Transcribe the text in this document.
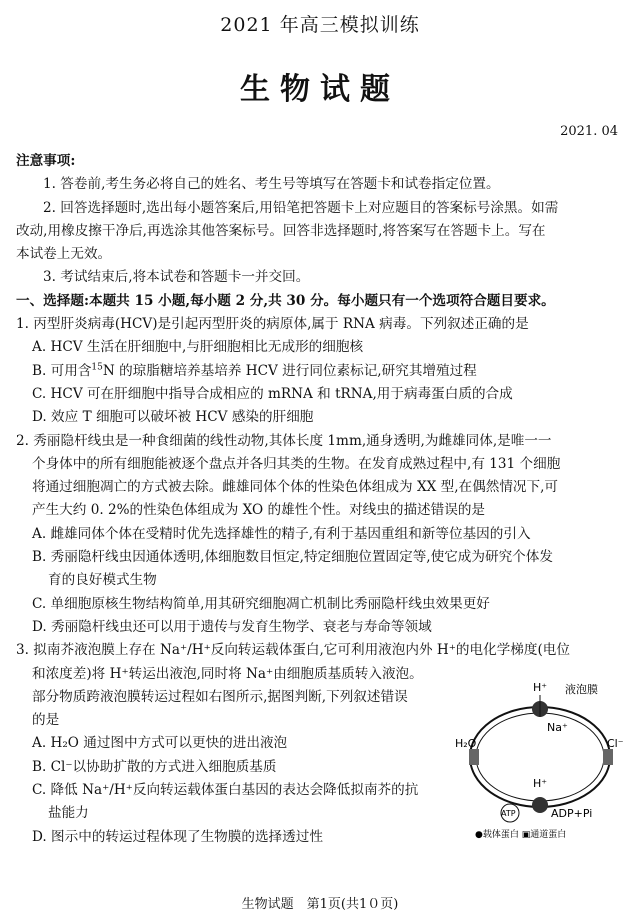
2021 年高三模拟训练
生物试题
2021. 04
注意事项:
1. 答卷前,考生务必将自己的姓名、考生号等填写在答题卡和试卷指定位置。
2. 回答选择题时,选出每小题答案后,用铅笔把答题卡上对应题目的答案标号涂黑。如需
改动,用橡皮擦干净后,再选涂其他答案标号。回答非选择题时,将答案写在答题卡上。写在
本试卷上无效。
3. 考试结束后,将本试卷和答题卡一并交回。
一、选择题:本题共 15 小题,每小题 2 分,共 30 分。每小题只有一个选项符合题目要求。
1. 丙型肝炎病毒(HCV)是引起丙型肝炎的病原体,属于 RNA 病毒。下列叙述正确的是
A. HCV 生活在肝细胞中,与肝细胞相比无成形的细胞核
B. 可用含$^{15}$N 的琼脂糖培养基培养 HCV 进行同位素标记,研究其增殖过程
C. HCV 可在肝细胞中指导合成相应的 mRNA 和 tRNA,用于病毒蛋白质的合成
D. 效应 T 细胞可以破坏被 HCV 感染的肝细胞
2. 秀丽隐杆线虫是一种食细菌的线性动物,其体长度 1mm,通身透明,为雌雄同体,是唯一一
个身体中的所有细胞能被逐个盘点并各归其类的生物。在发育成熟过程中,有 131 个细胞
将通过细胞凋亡的方式被去除。雌雄同体个体的性染色体组成为 XX 型,在偶然情况下,可
产生大约 0. 2%的性染色体组成为 XO 的雄性个性。对线虫的描述错误的是
A. 雌雄同体个体在受精时优先选择雄性的精子,有利于基因重组和新等位基因的引入
B. 秀丽隐杆线虫因通体透明,体细胞数目恒定,特定细胞位置固定等,使它成为研究个体发
育的良好模式生物
C. 单细胞原核生物结构简单,用其研究细胞凋亡机制比秀丽隐杆线虫效果更好
D. 秀丽隐杆线虫还可以用于遗传与发育生物学、衰老与寿命等领域
3. 拟南芥液泡膜上存在 Na⁺/H⁺反向转运载体蛋白,它可利用液泡内外 H⁺的电化学梯度(电位
和浓度差)将 H⁺转运出液泡,同时将 Na⁺由细胞质基质转入液泡。
部分物质跨液泡膜转运过程如右图所示,据图判断,下列叙述错误
的是
A. H₂O 通过图中方式可以更快的进出液泡
B. Cl⁻以协助扩散的方式进入细胞质基质
C. 降低 Na⁺/H⁺反向转运载体蛋白基因的表达会降低拟南芥的抗
盐能力
D. 图示中的转运过程体现了生物膜的选择透过性
液泡膜
H⁺
Na⁺
H₂O	Cl⁻
H⁺
ATP	ADP+Pi
●载体蛋白 ▣通道蛋白
生物试题　第1页(共1０页)
